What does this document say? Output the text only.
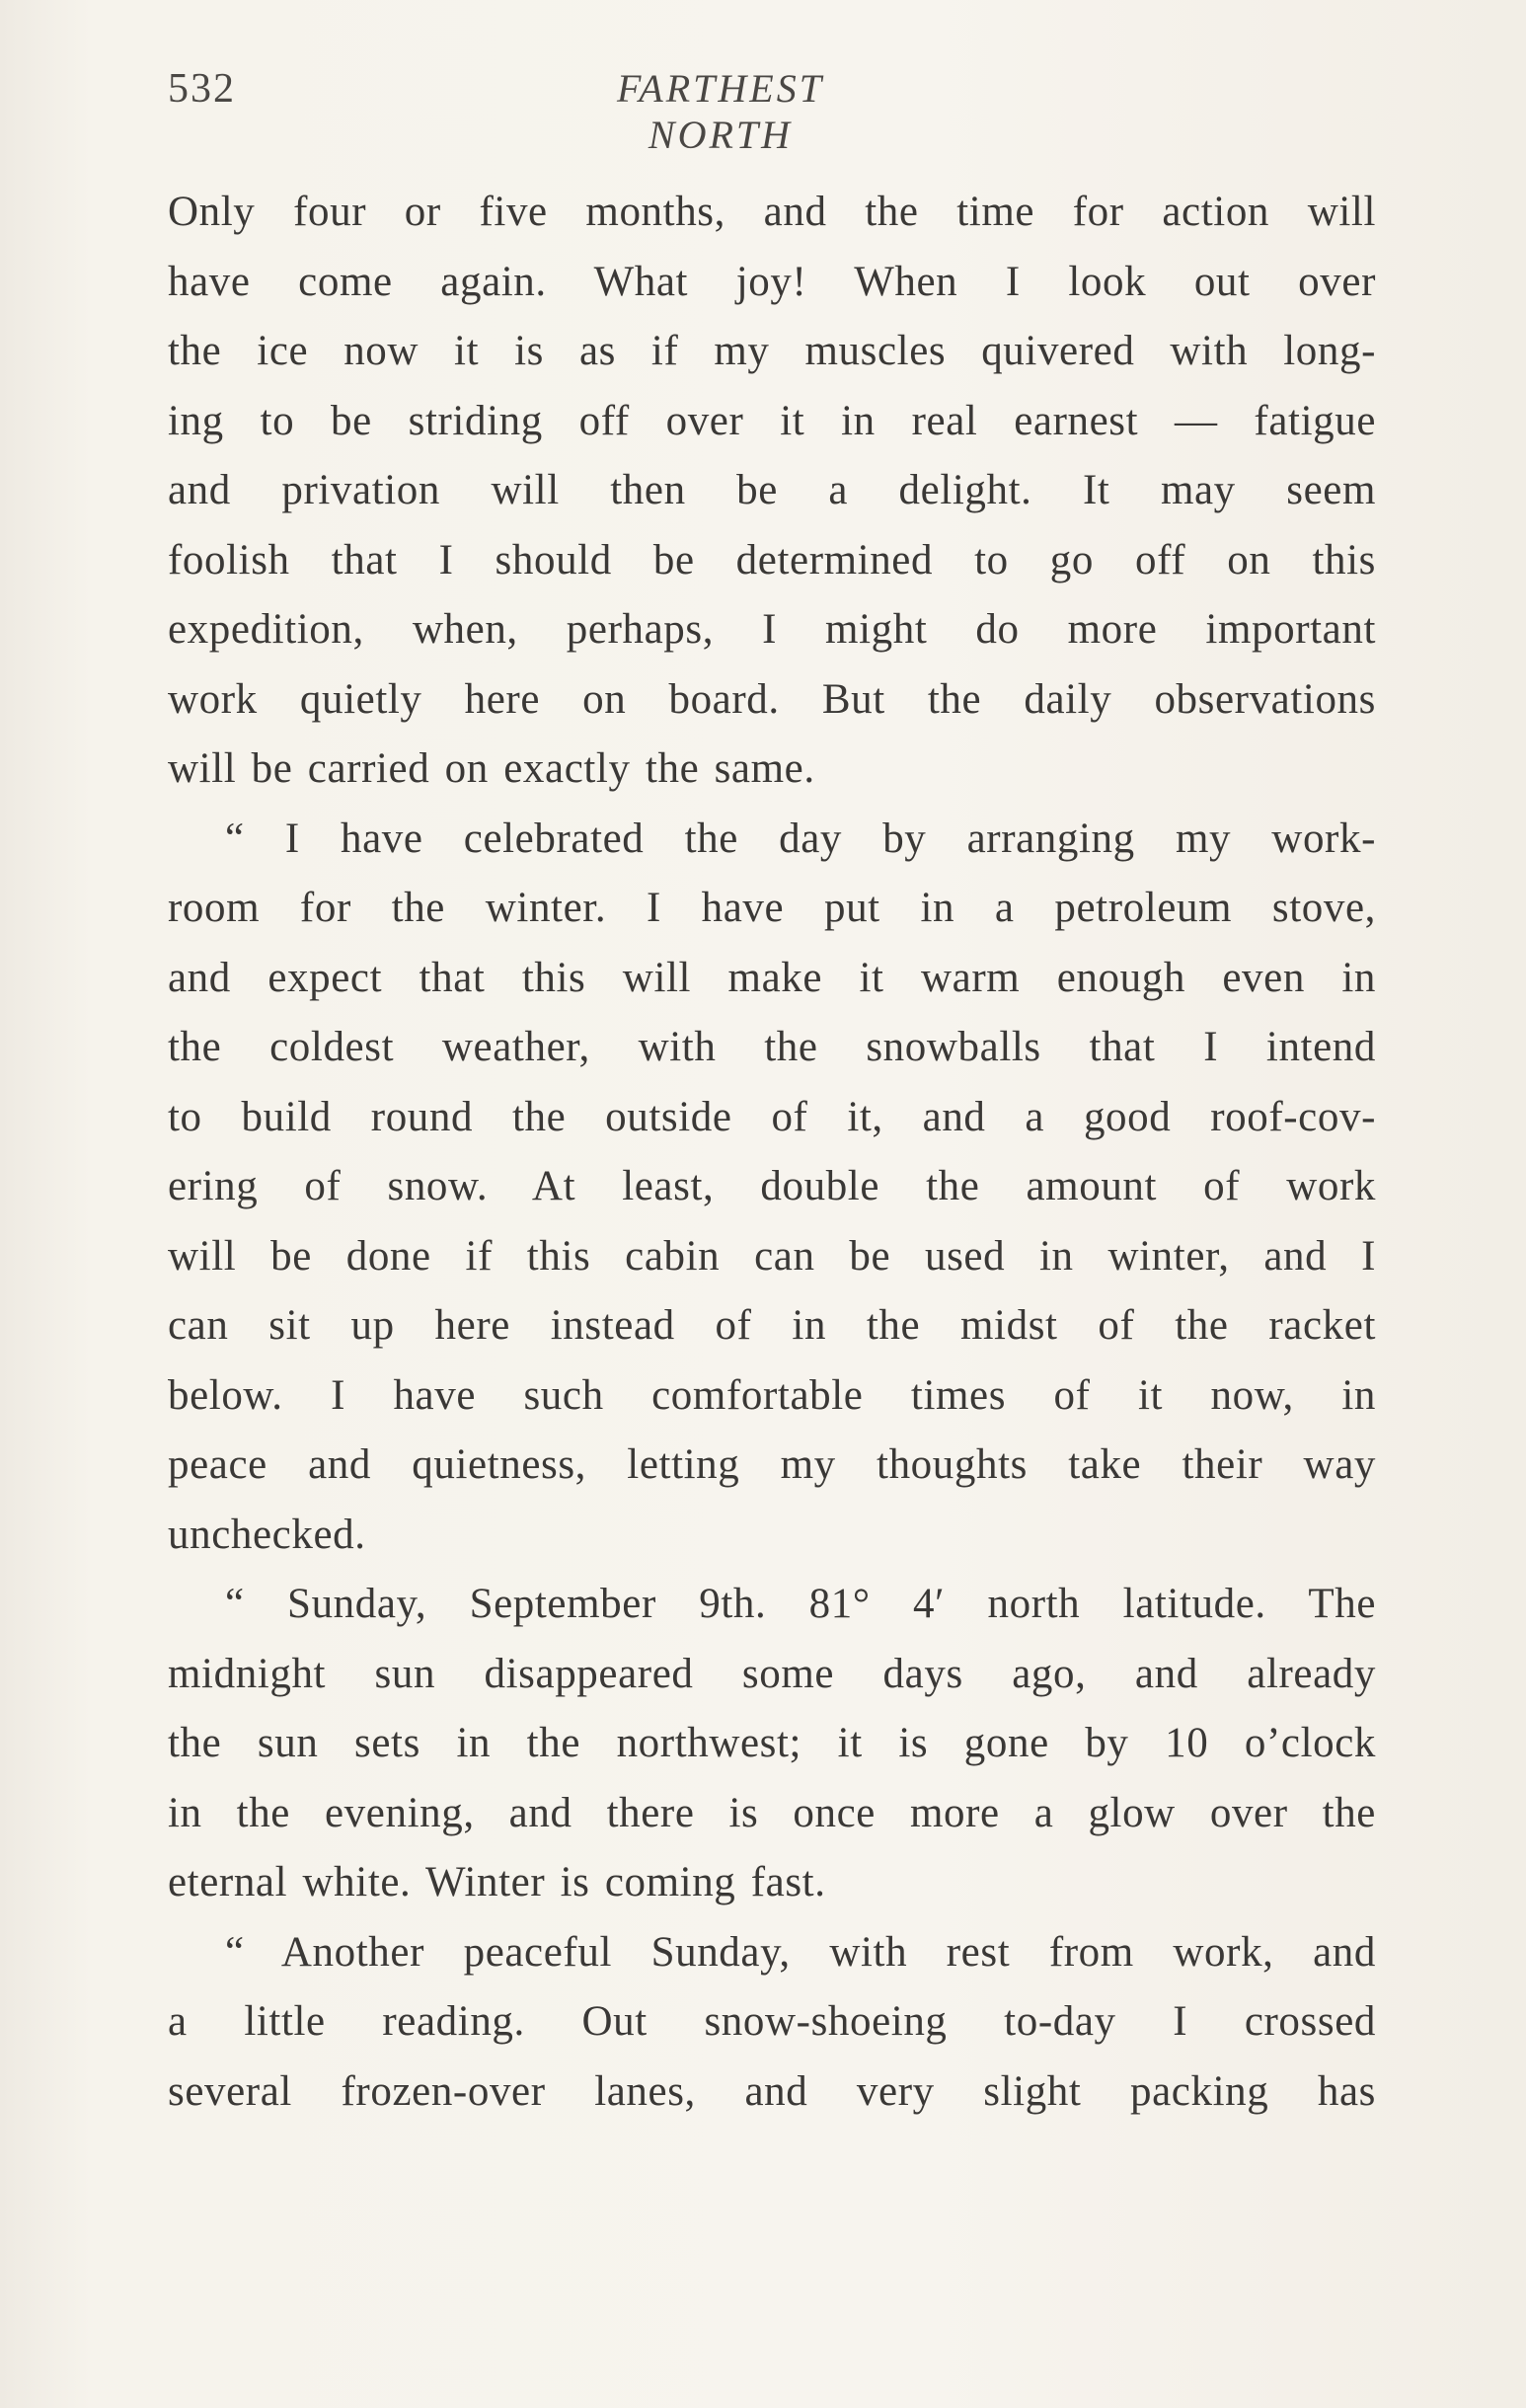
532	FARTHEST NORTH

Only four or five months, and the time for action will
have come again. What joy! When I look out over
the ice now it is as if my muscles quivered with long-
ing to be striding off over it in real earnest — fatigue
and privation will then be a delight. It may seem
foolish that I should be determined to go off on this
expedition, when, perhaps, I might do more important
work quietly here on board. But the daily observations
will be carried on exactly the same.

“ I have celebrated the day by arranging my work-
room for the winter. I have put in a petroleum stove,
and expect that this will make it warm enough even in
the coldest weather, with the snowballs that I intend
to build round the outside of it, and a good roof-cov-
ering of snow. At least, double the amount of work
will be done if this cabin can be used in winter, and I
can sit up here instead of in the midst of the racket
below. I have such comfortable times of it now, in
peace and quietness, letting my thoughts take their way
unchecked.

“ Sunday, September 9th. 81° 4′ north latitude. The
midnight sun disappeared some days ago, and already
the sun sets in the northwest; it is gone by 10 o’clock
in the evening, and there is once more a glow over the
eternal white. Winter is coming fast.

“ Another peaceful Sunday, with rest from work, and
a little reading. Out snow-shoeing to-day I crossed
several frozen-over lanes, and very slight packing has
